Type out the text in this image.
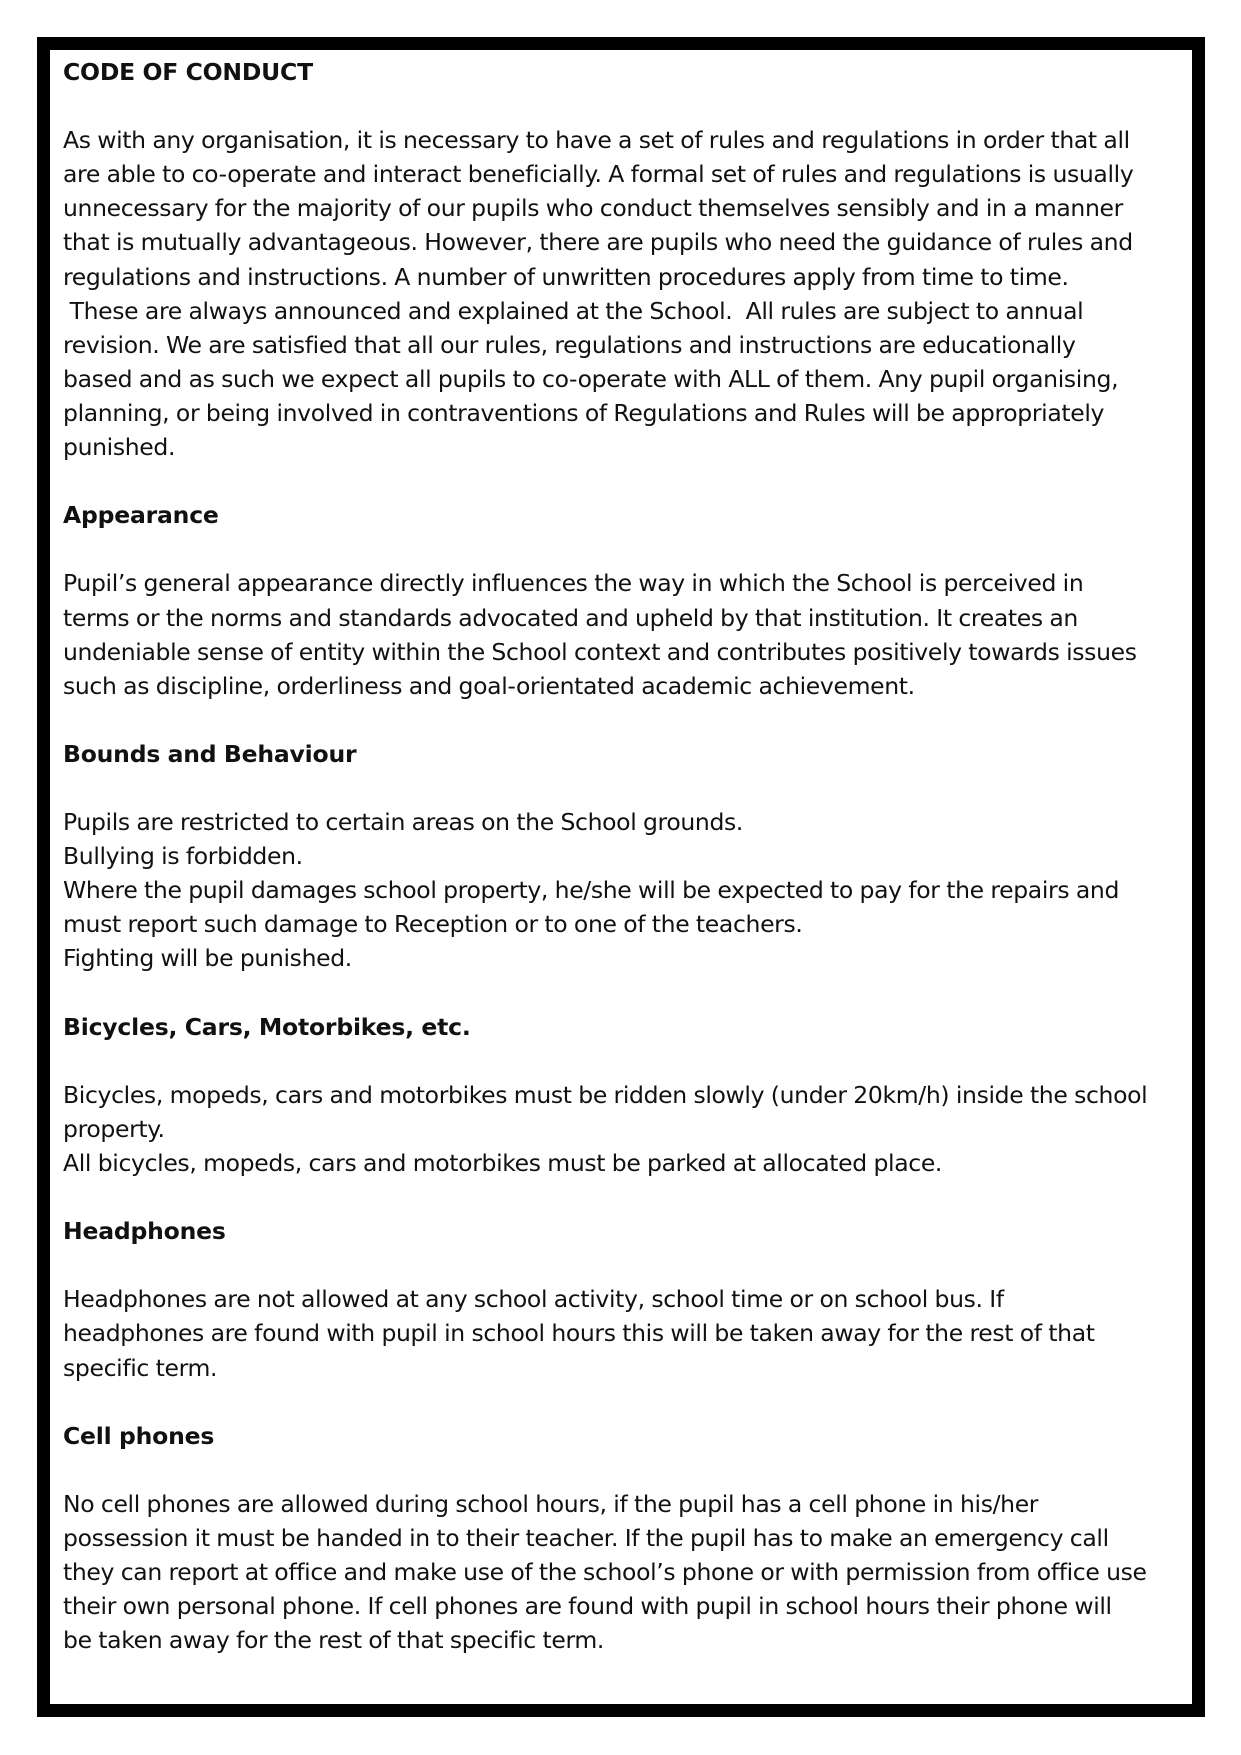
CODE OF CONDUCT

As with any organisation, it is necessary to have a set of rules and regulations in order that all
are able to co-operate and interact beneficially. A formal set of rules and regulations is usually
unnecessary for the majority of our pupils who conduct themselves sensibly and in a manner
that is mutually advantageous. However, there are pupils who need the guidance of rules and
regulations and instructions. A number of unwritten procedures apply from time to time.
These are always announced and explained at the School.  All rules are subject to annual
revision. We are satisfied that all our rules, regulations and instructions are educationally
based and as such we expect all pupils to co-operate with ALL of them. Any pupil organising,
planning, or being involved in contraventions of Regulations and Rules will be appropriately
punished.

Appearance

Pupil’s general appearance directly influences the way in which the School is perceived in
terms or the norms and standards advocated and upheld by that institution. It creates an
undeniable sense of entity within the School context and contributes positively towards issues
such as discipline, orderliness and goal-orientated academic achievement.

Bounds and Behaviour

Pupils are restricted to certain areas on the School grounds.
Bullying is forbidden.
Where the pupil damages school property, he/she will be expected to pay for the repairs and
must report such damage to Reception or to one of the teachers.
Fighting will be punished.

Bicycles, Cars, Motorbikes, etc.

Bicycles, mopeds, cars and motorbikes must be ridden slowly (under 20km/h) inside the school
property.
All bicycles, mopeds, cars and motorbikes must be parked at allocated place.

Headphones

Headphones are not allowed at any school activity, school time or on school bus. If
headphones are found with pupil in school hours this will be taken away for the rest of that
specific term.

Cell phones

No cell phones are allowed during school hours, if the pupil has a cell phone in his/her
possession it must be handed in to their teacher. If the pupil has to make an emergency call
they can report at office and make use of the school’s phone or with permission from office use
their own personal phone. If cell phones are found with pupil in school hours their phone will
be taken away for the rest of that specific term.
